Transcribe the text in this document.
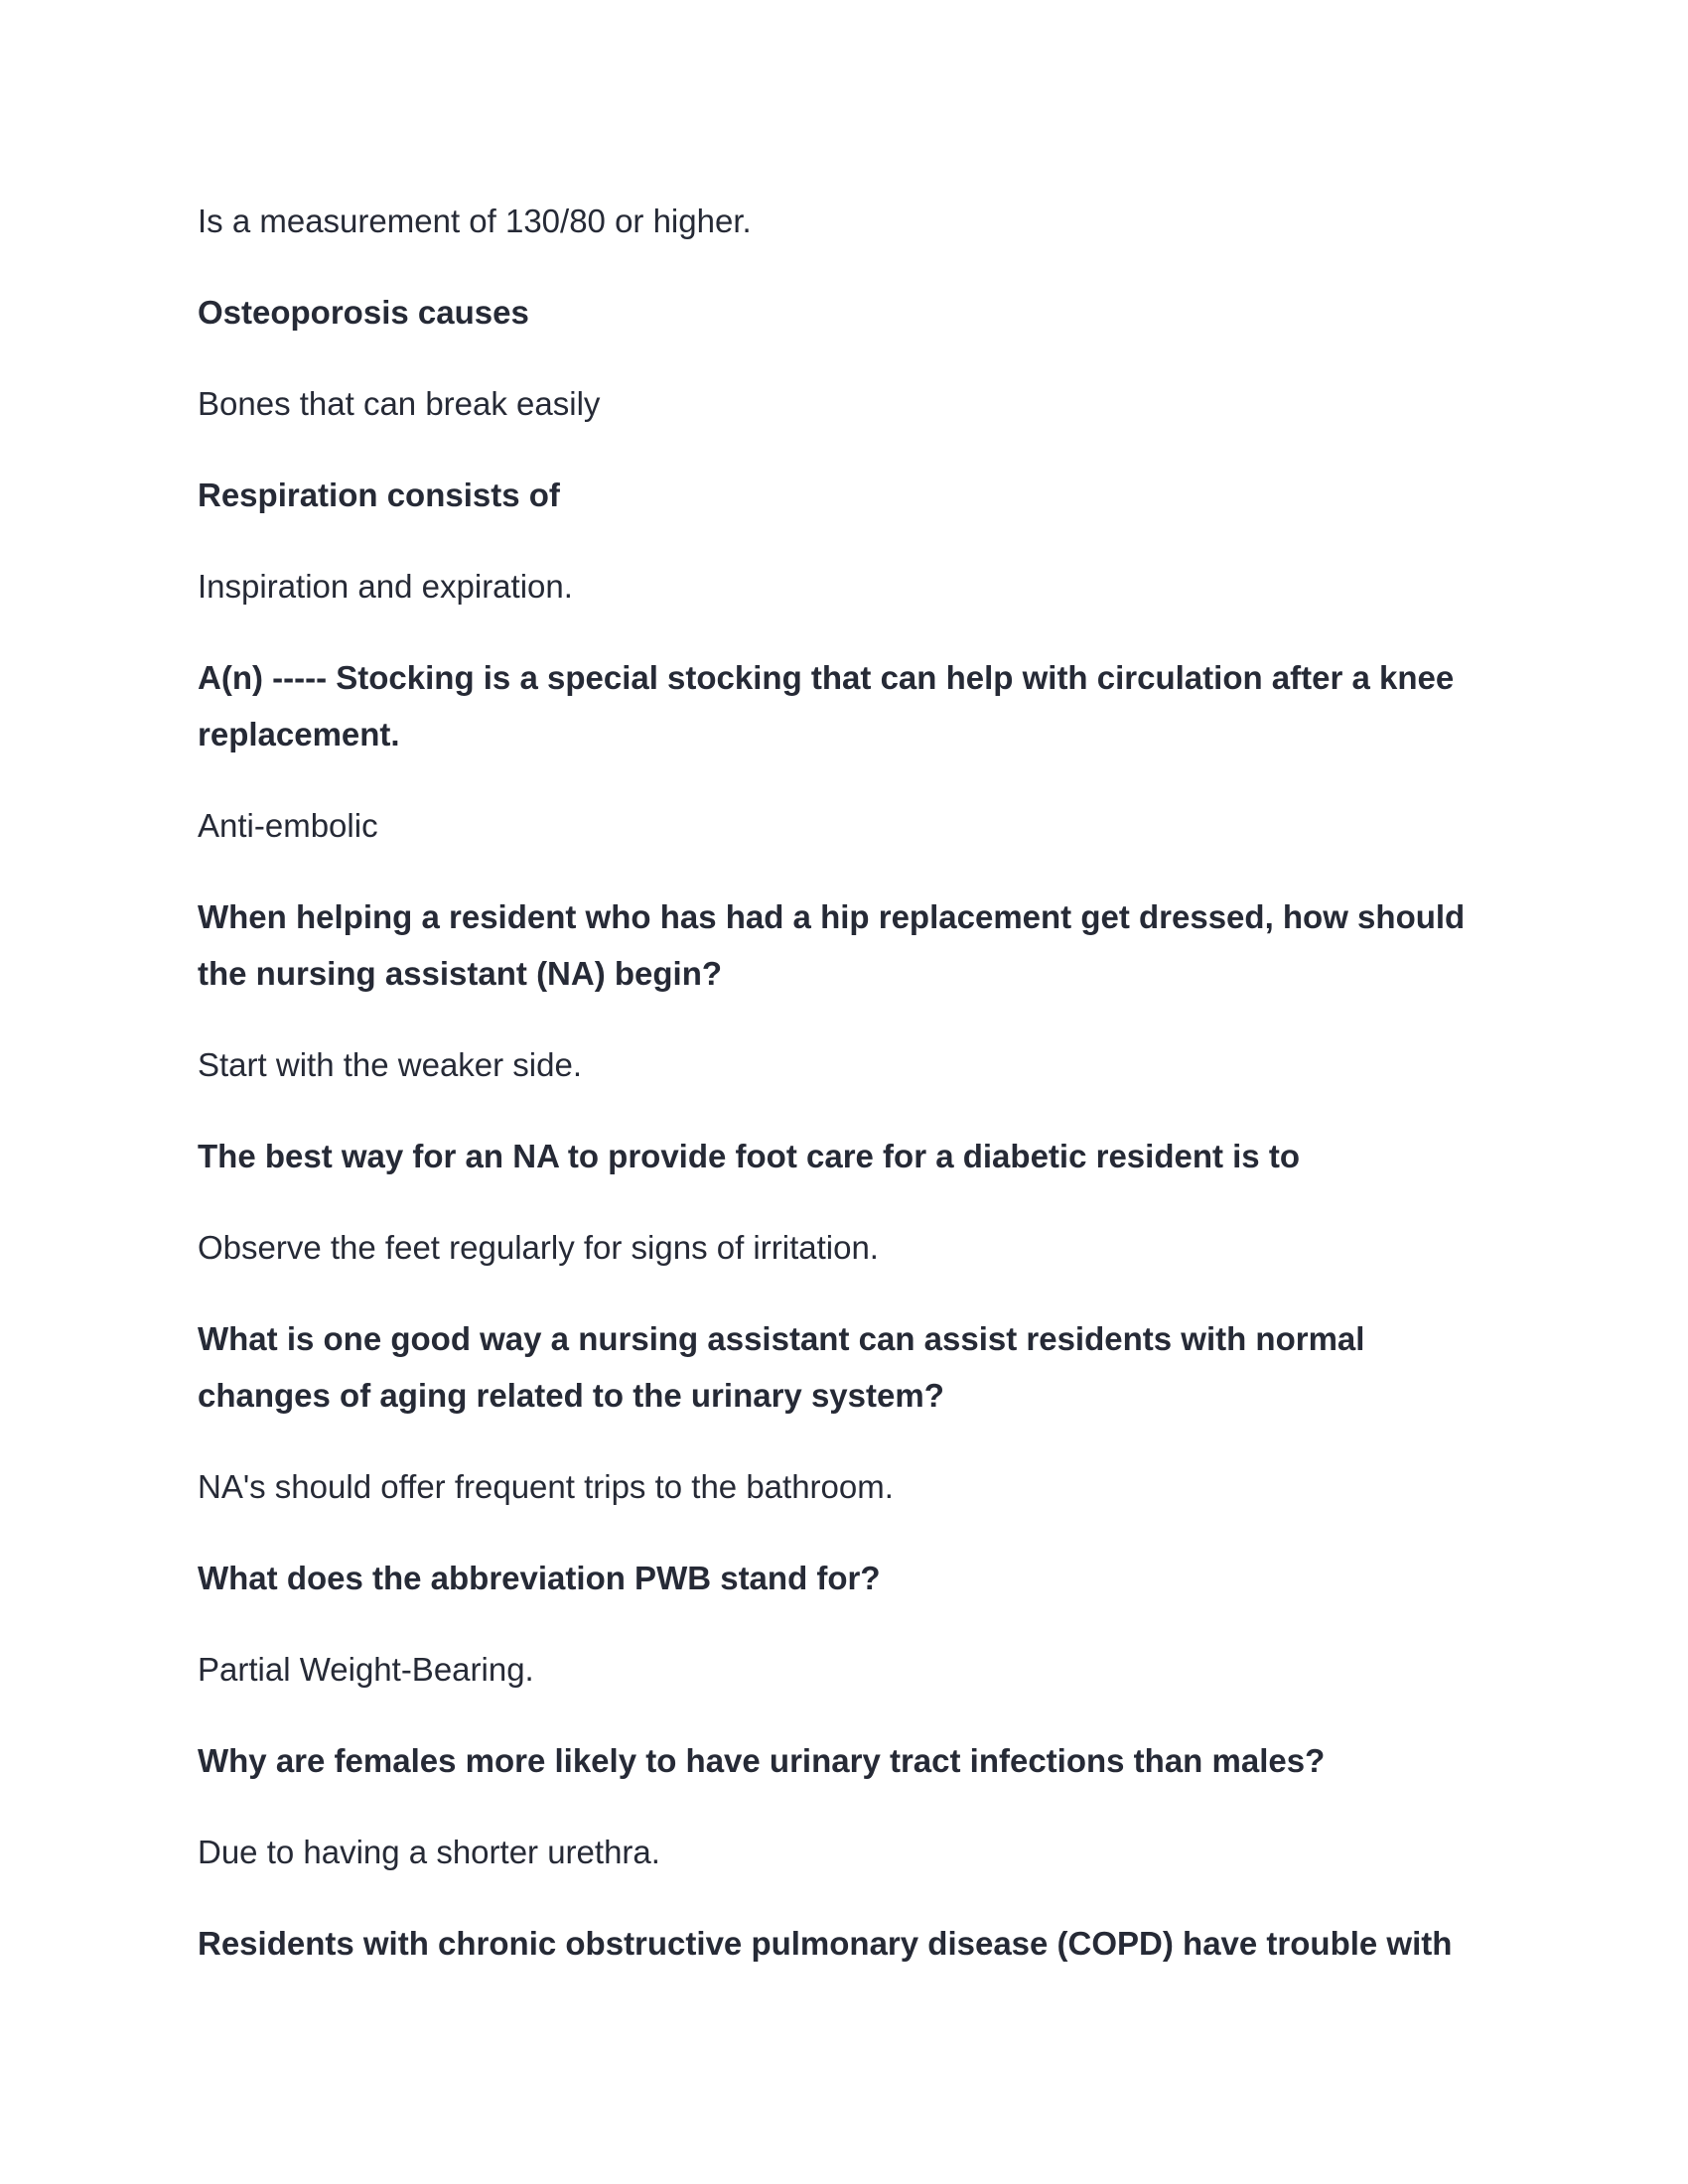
Is a measurement of 130/80 or higher.

Osteoporosis causes

Bones that can break easily

Respiration consists of

Inspiration and expiration.

A(n) ----- Stocking is a special stocking that can help with circulation after a knee replacement.

Anti-embolic

When helping a resident who has had a hip replacement get dressed, how should the nursing assistant (NA) begin?

Start with the weaker side.

The best way for an NA to provide foot care for a diabetic resident is to

Observe the feet regularly for signs of irritation.

What is one good way a nursing assistant can assist residents with normal changes of aging related to the urinary system?

NA's should offer frequent trips to the bathroom.

What does the abbreviation PWB stand for?

Partial Weight-Bearing.

Why are females more likely to have urinary tract infections than males?

Due to having a shorter urethra.

Residents with chronic obstructive pulmonary disease (COPD) have trouble with
